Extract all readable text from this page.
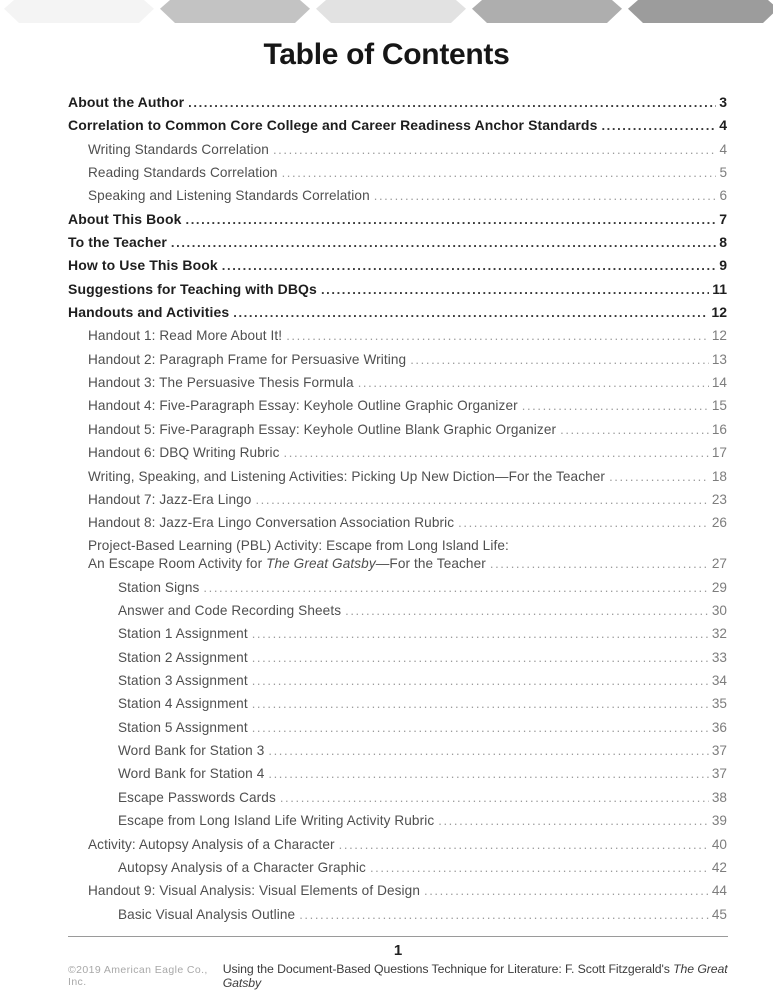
Table of Contents
About the Author .....	3
Correlation to Common Core College and Career Readiness Anchor Standards .....	4
Writing Standards Correlation .....	4
Reading Standards Correlation .....	5
Speaking and Listening Standards Correlation .....	6
About This Book .....	7
To the Teacher .....	8
How to Use This Book .....	9
Suggestions for Teaching with DBQs .....	11
Handouts and Activities .....	12
Handout 1: Read More About It! .....	12
Handout 2: Paragraph Frame for Persuasive Writing .....	13
Handout 3: The Persuasive Thesis Formula .....	14
Handout 4: Five-Paragraph Essay: Keyhole Outline Graphic Organizer .....	15
Handout 5: Five-Paragraph Essay: Keyhole Outline Blank Graphic Organizer .....	16
Handout 6: DBQ Writing Rubric .....	17
Writing, Speaking, and Listening Activities: Picking Up New Diction—For the Teacher .....	18
Handout 7: Jazz-Era Lingo .....	23
Handout 8: Jazz-Era Lingo Conversation Association Rubric .....	26
Project-Based Learning (PBL) Activity: Escape from Long Island Life:
An Escape Room Activity for The Great Gatsby—For the Teacher .....	27
Station Signs .....	29
Answer and Code Recording Sheets .....	30
Station 1 Assignment .....	32
Station 2 Assignment .....	33
Station 3 Assignment .....	34
Station 4 Assignment .....	35
Station 5 Assignment .....	36
Word Bank for Station 3 .....	37
Word Bank for Station 4 .....	37
Escape Passwords Cards .....	38
Escape from Long Island Life Writing Activity Rubric .....	39
Activity: Autopsy Analysis of a Character .....	40
Autopsy Analysis of a Character Graphic .....	42
Handout 9: Visual Analysis: Visual Elements of Design .....	44
Basic Visual Analysis Outline .....	45
1
©2019 American Eagle Co., Inc.
Using the Document-Based Questions Technique for Literature: F. Scott Fitzgerald's The Great Gatsby
